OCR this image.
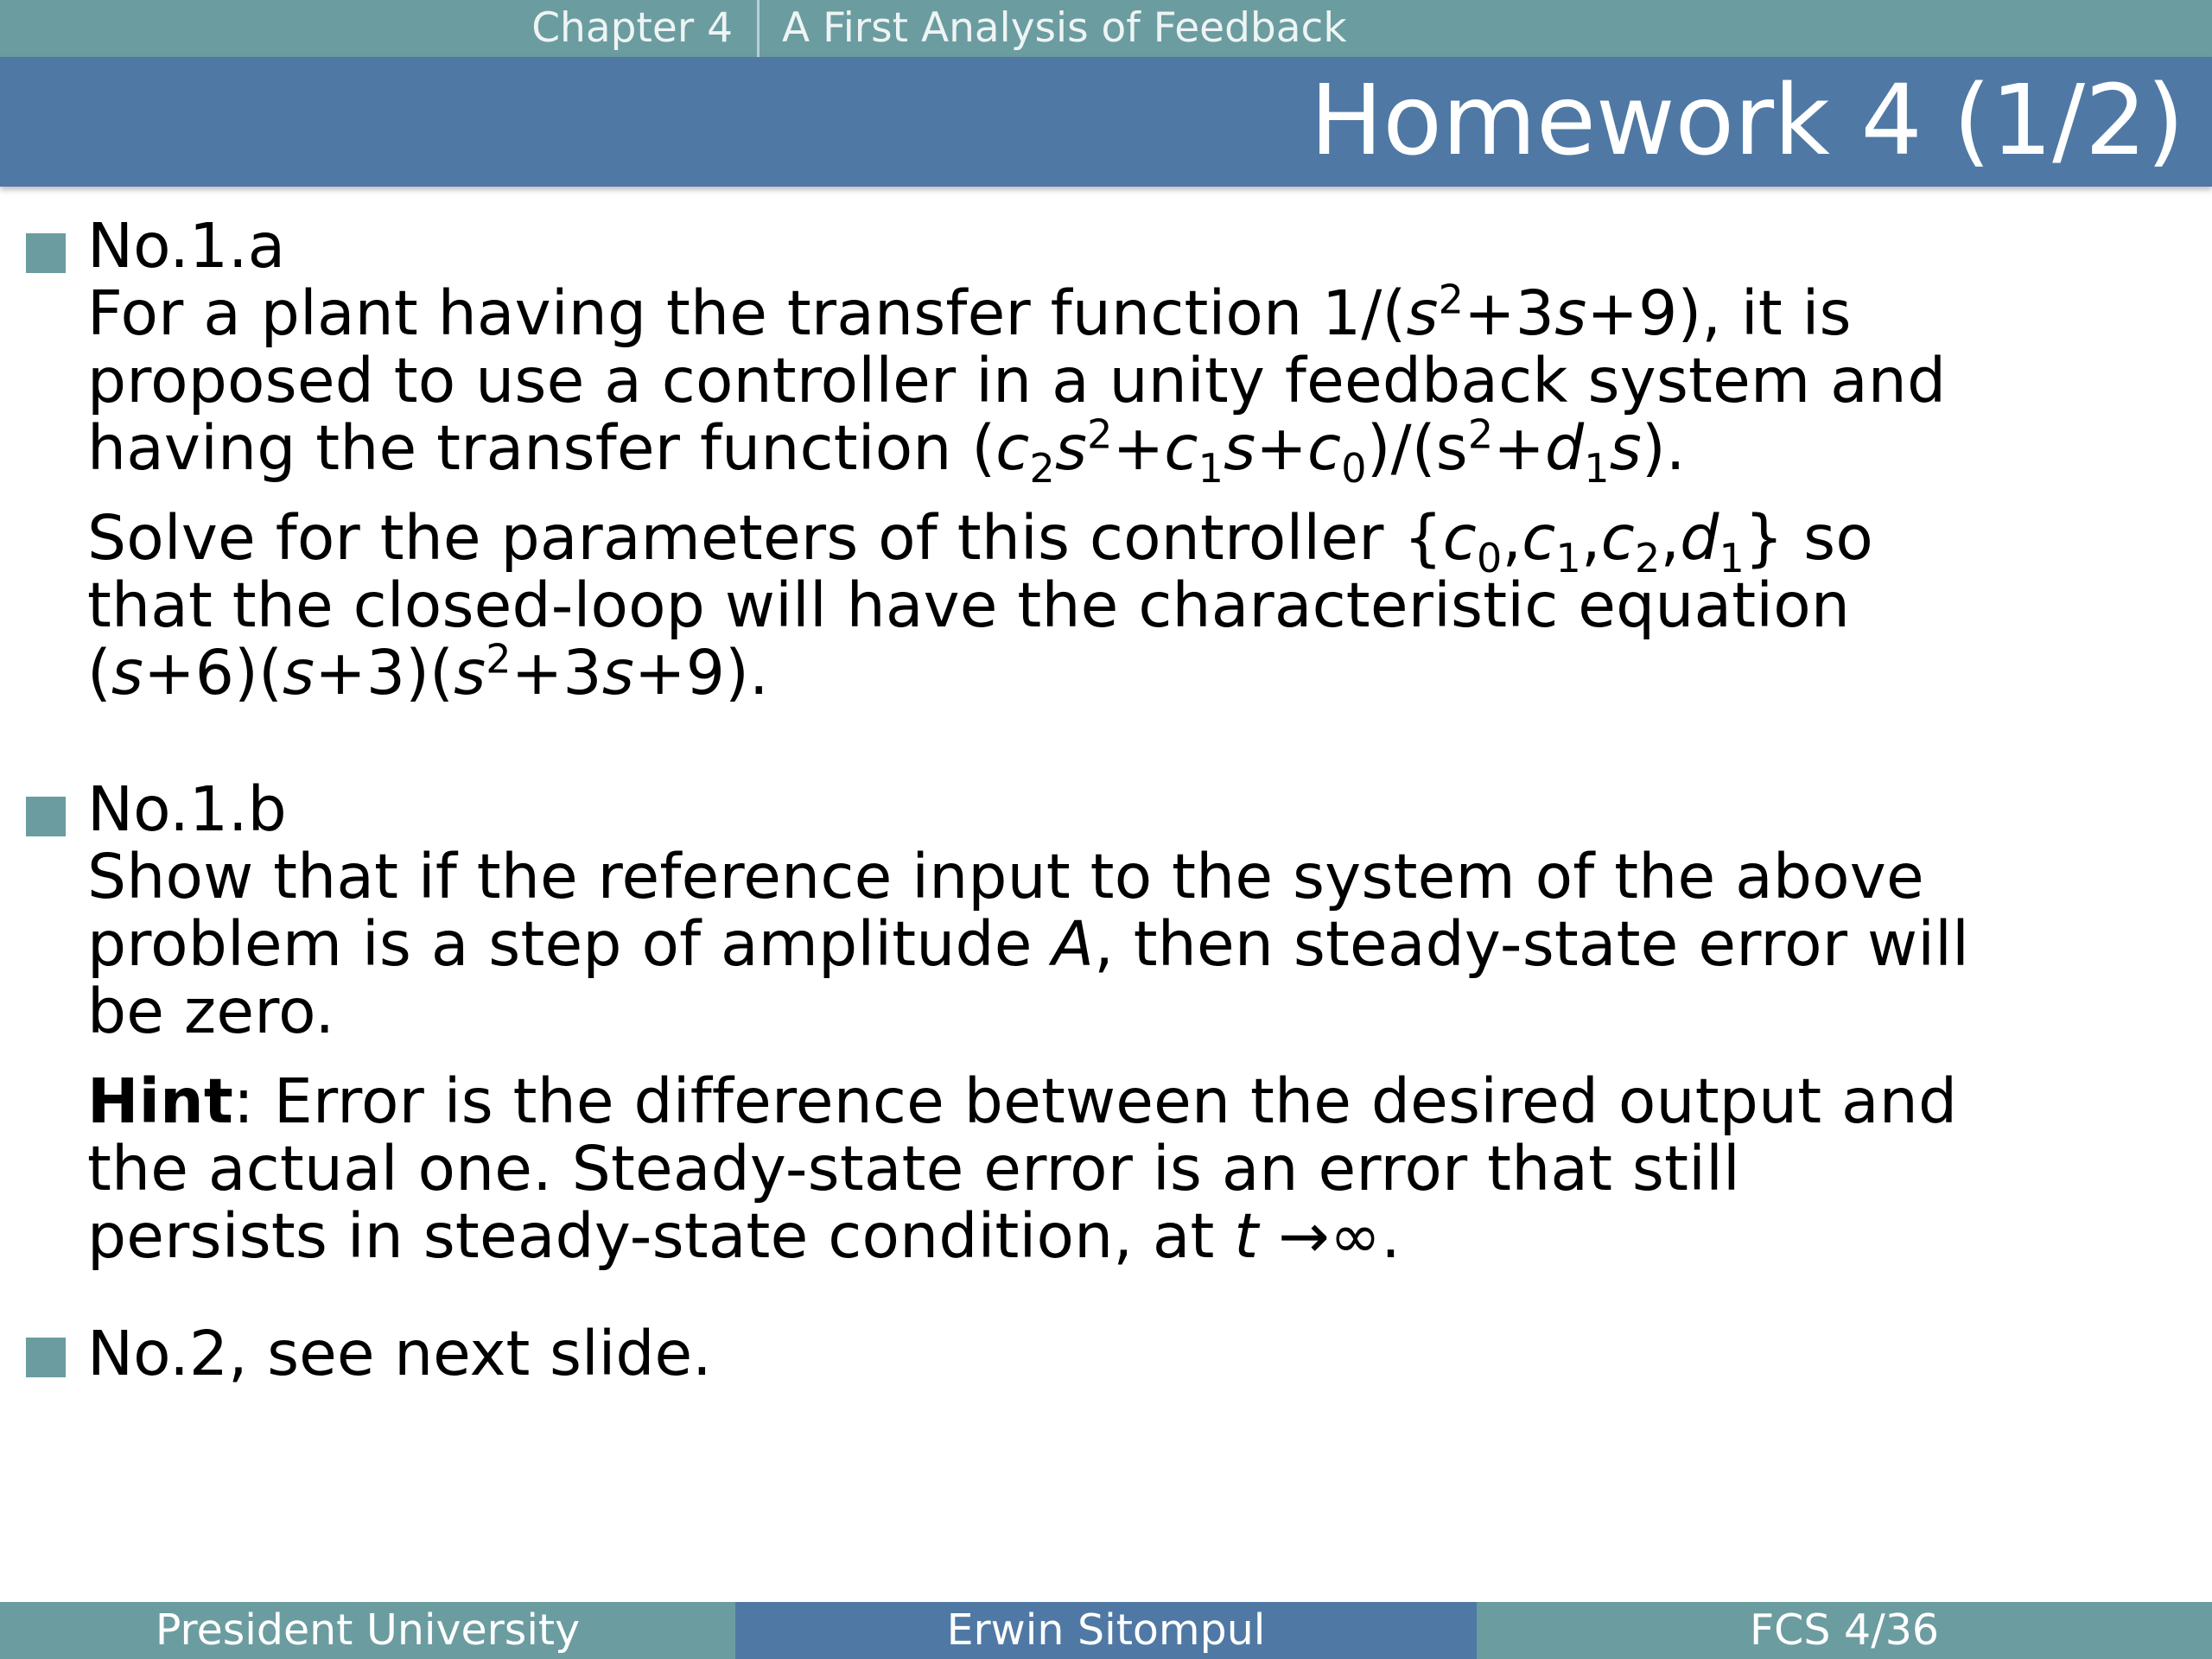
Chapter 4	A First Analysis of Feedback
Homework 4 (1/2)
No.1.a
For a plant having the transfer function $1/(s^2+3s+9)$, it is
proposed to use a controller in a unity feedback system and
having the transfer function $(c_2s^2+c_1s+c_0)/(s^2+d_1s)$.
Solve for the parameters of this controller $\{c_0,c_1,c_2,d_1\}$ so
that the closed-loop will have the characteristic equation
$(s+6)(s+3)(s^2+3s+9)$.
No.1.b
Show that if the reference input to the system of the above
problem is a step of amplitude A, then steady-state error will
be zero.
Hint: Error is the difference between the desired output and
the actual one. Steady-state error is an error that still
persists in steady-state condition, at t →∞.
No.2, see next slide.
President University	Erwin Sitompul	FCS 4/36
